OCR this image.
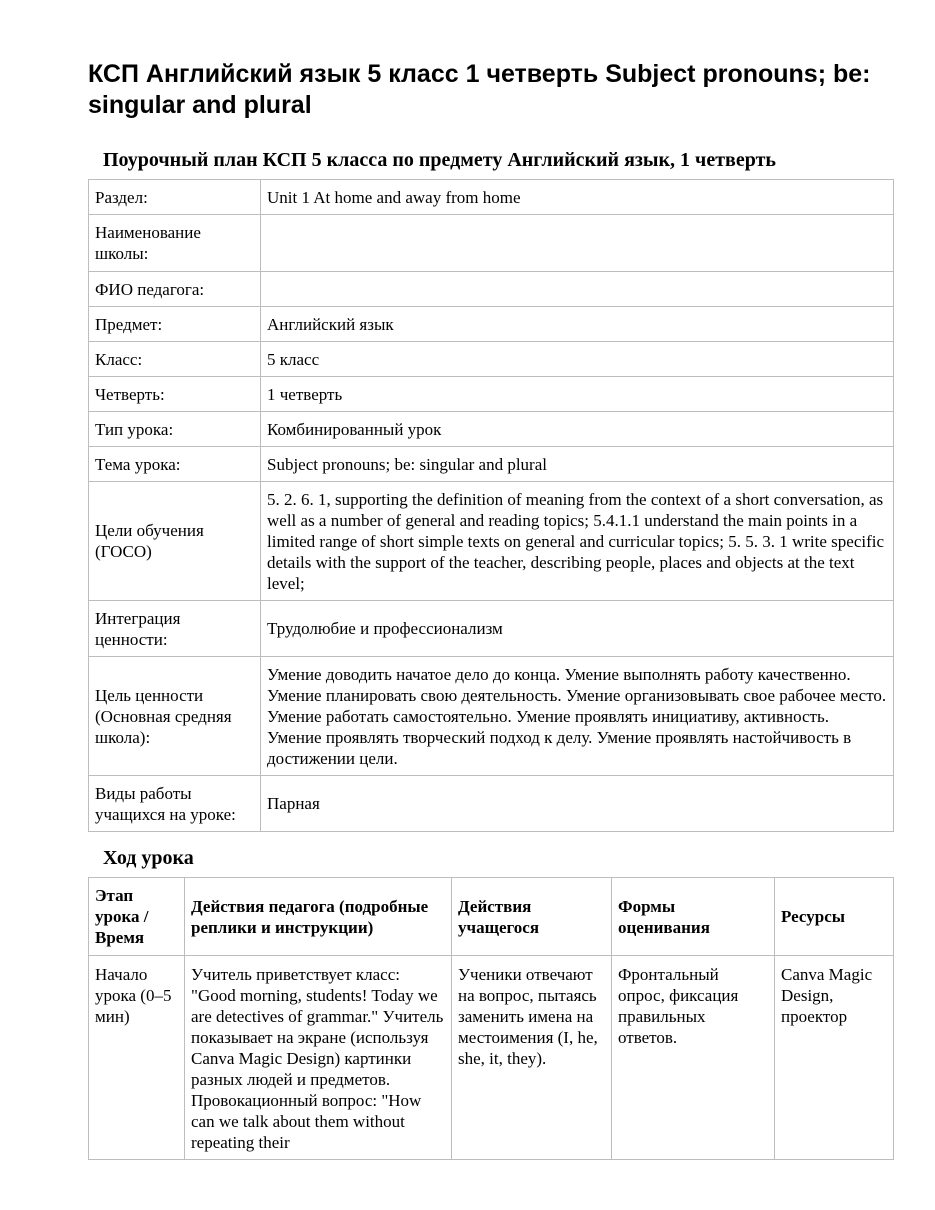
КСП Английский язык 5 класс 1 четверть Subject pronouns; be: singular and plural
Поурочный план КСП 5 класса по предмету Английский язык, 1 четверть
Раздел:	Unit 1 At home and away from home
Наименование школы:	
ФИО педагога:	
Предмет:	Английский язык
Класс:	5 класс
Четверть:	1 четверть
Тип урока:	Комбинированный урок
Тема урока:	Subject pronouns; be: singular and plural
Цели обучения (ГОСО)	5. 2. 6. 1, supporting the definition of meaning from the context of a short conversation, as well as a number of general and reading topics; 5.4.1.1 understand the main points in a limited range of short simple texts on general and curricular topics; 5. 5. 3. 1 write specific details with the support of the teacher, describing people, places and objects at the text level;
Интеграция ценности:	Трудолюбие и профессионализм
Цель ценности (Основная средняя школа):	Умение доводить начатое дело до конца. Умение выполнять работу качественно. Умение планировать свою деятельность. Умение организовывать свое рабочее место. Умение работать самостоятельно. Умение проявлять инициативу, активность. Умение проявлять творческий подход к делу. Умение проявлять настойчивость в достижении цели.
Виды работы учащихся на уроке:	Парная
Ход урока
Этап урока / Время	Действия педагога (подробные реплики и инструкции)	Действия учащегося	Формы оценивания	Ресурсы
Начало урока (0–5 мин)	Учитель приветствует класс: "Good morning, students! Today we are detectives of grammar." Учитель показывает на экране (используя Canva Magic Design) картинки разных людей и предметов. Провокационный вопрос: "How can we talk about them without repeating their	Ученики отвечают на вопрос, пытаясь заменить имена на местоимения (I, he, she, it, they).	Фронтальный опрос, фиксация правильных ответов.	Canva Magic Design, проектор
